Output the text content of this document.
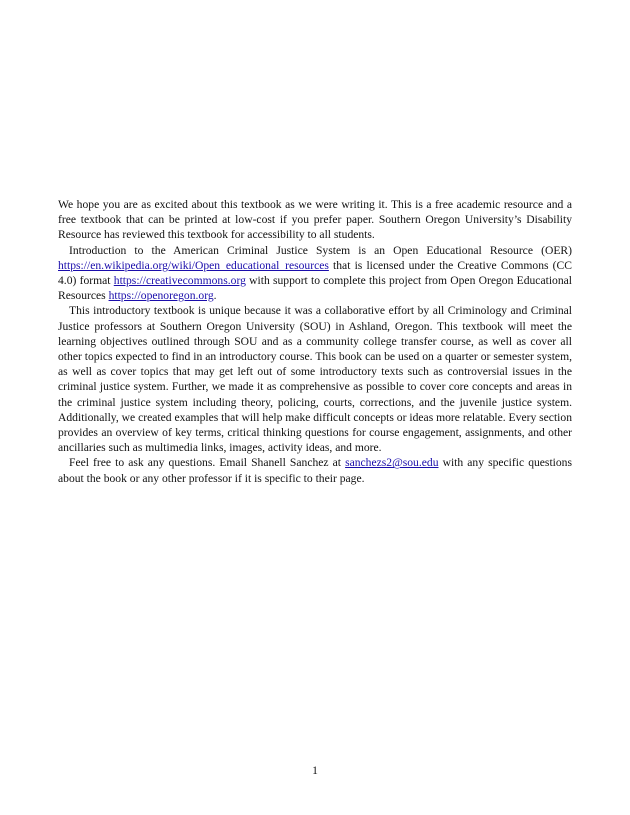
We hope you are as excited about this textbook as we were writing it. This is a free academic resource and a free textbook that can be printed at low-cost if you prefer paper. Southern Oregon University’s Disability Resource has reviewed this textbook for accessibility to all students.

Introduction to the American Criminal Justice System is an Open Educational Resource (OER) https://en.wikipedia.org/wiki/Open_educational_resources that is licensed under the Creative Commons (CC 4.0) format https://creativecommons.org with support to complete this project from Open Oregon Educational Resources https://openoregon.org.

This introductory textbook is unique because it was a collaborative effort by all Criminology and Criminal Justice professors at Southern Oregon University (SOU) in Ashland, Oregon. This textbook will meet the learning objectives outlined through SOU and as a community college transfer course, as well as cover all other topics expected to find in an introductory course. This book can be used on a quarter or semester system, as well as cover topics that may get left out of some introductory texts such as controversial issues in the criminal justice system. Further, we made it as comprehensive as possible to cover core concepts and areas in the criminal justice system including theory, policing, courts, corrections, and the juvenile justice system. Additionally, we created examples that will help make difficult concepts or ideas more relatable. Every section provides an overview of key terms, critical thinking questions for course engagement, assignments, and other ancillaries such as multimedia links, images, activity ideas, and more.

Feel free to ask any questions. Email Shanell Sanchez at sanchezs2@sou.edu with any specific questions about the book or any other professor if it is specific to their page.

1
